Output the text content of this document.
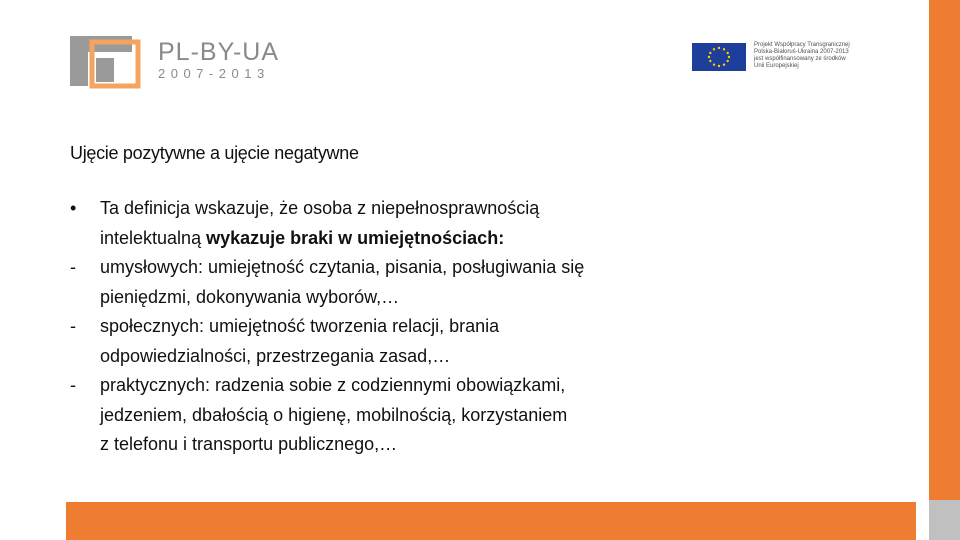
PL-BY-UA
2007-2013
Projekt Współpracy Transgranicznej
Polska-Białoruś-Ukraina 2007-2013
jest współfinansowany ze środków
Unii Europejskiej
Ujęcie pozytywne a ujęcie negatywne
•	Ta definicja wskazuje, że osoba z niepełnosprawnością
intelektualną wykazuje braki w umiejętnościach:
-	umysłowych: umiejętność czytania, pisania, posługiwania się
pieniędzmi, dokonywania wyborów,…
-	społecznych: umiejętność tworzenia relacji, brania
odpowiedzialności, przestrzegania zasad,…
-	praktycznych: radzenia sobie z codziennymi obowiązkami,
jedzeniem, dbałością o higienę, mobilnością, korzystaniem
z telefonu i transportu publicznego,…
